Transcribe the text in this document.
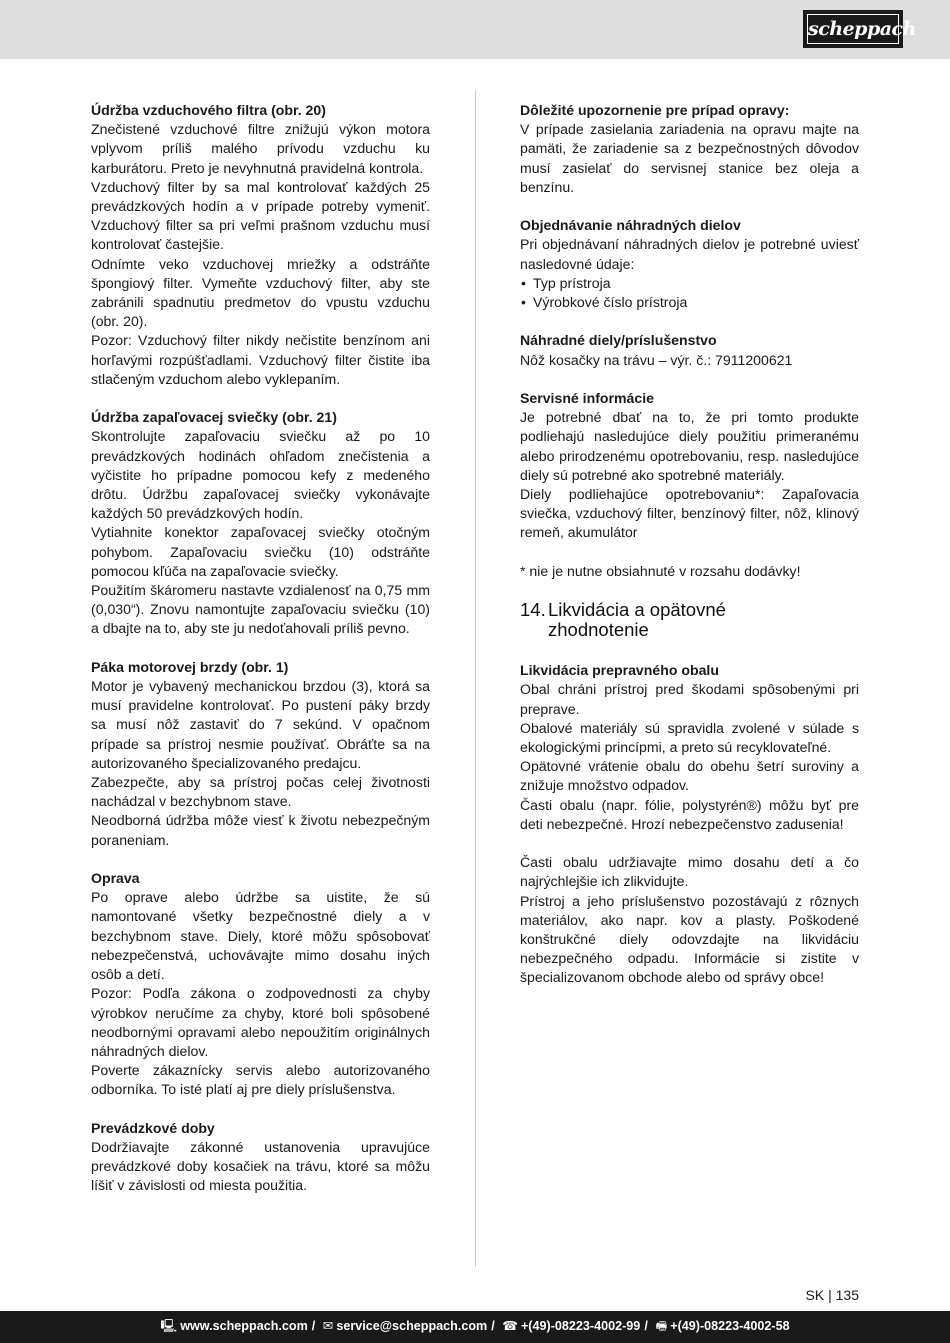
scheppach

Údržba vzduchového filtra (obr. 20)

Znečistené vzduchové filtre znižujú výkon motora vplyvom príliš malého prívodu vzduchu ku karburátoru. Preto je nevyhnutná pravidelná kontrola.

Vzduchový filter by sa mal kontrolovať každých 25 prevádzkových hodín a v prípade potreby vymeniť. Vzduchový filter sa pri veľmi prašnom vzduchu musí kontrolovať častejšie.

Odnímte veko vzduchovej mriežky a odstráňte špongiový filter. Vymeňte vzduchový filter, aby ste zabránili spadnutiu predmetov do vpustu vzduchu (obr. 20).

Pozor: Vzduchový filter nikdy nečistite benzínom ani horľavými rozpúšťadlami. Vzduchový filter čistite iba stlačeným vzduchom alebo vyklepaním.

Údržba zapaľovacej sviečky (obr. 21)

Skontrolujte zapaľovaciu sviečku až po 10 prevádzkových hodinách ohľadom znečistenia a vyčistite ho prípadne pomocou kefy z medeného drôtu. Údržbu zapaľovacej sviečky vykonávajte každých 50 prevádzkových hodín.

Vytiahnite konektor zapaľovacej sviečky otočným pohybom. Zapaľovaciu sviečku (10) odstráňte pomocou kľúča na zapaľovacie sviečky.

Použitím škáromeru nastavte vzdialenosť na 0,75 mm (0,030“). Znovu namontujte zapaľovaciu sviečku (10) a dbajte na to, aby ste ju nedoťahovali príliš pevno.

Páka motorovej brzdy (obr. 1)

Motor je vybavený mechanickou brzdou (3), ktorá sa musí pravidelne kontrolovať. Po pustení páky brzdy sa musí nôž zastaviť do 7 sekúnd. V opačnom prípade sa prístroj nesmie používať. Obráťte sa na autorizovaného špecializovaného predajcu.

Zabezpečte, aby sa prístroj počas celej životnosti nachádzal v bezchybnom stave.

Neodborná údržba môže viesť k životu nebezpečným poraneniam.

Oprava

Po oprave alebo údržbe sa uistite, že sú namontované všetky bezpečnostné diely a v bezchybnom stave. Diely, ktoré môžu spôsobovať nebezpečenstvá, uchovávajte mimo dosahu iných osôb a detí.

Pozor: Podľa zákona o zodpovednosti za chyby výrobkov neručíme za chyby, ktoré boli spôsobené neodbornými opravami alebo nepoužitím originálnych náhradných dielov.

Poverte zákaznícky servis alebo autorizovaného odborníka. To isté platí aj pre diely príslušenstva.

Prevádzkové doby

Dodržiavajte zákonné ustanovenia upravujúce prevádzkové doby kosačiek na trávu, ktoré sa môžu líšiť v závislosti od miesta použitia.

Dôležité upozornenie pre prípad opravy:

V prípade zasielania zariadenia na opravu majte na pamäti, že zariadenie sa z bezpečnostných dôvodov musí zasielať do servisnej stanice bez oleja a benzínu.

Objednávanie náhradných dielov

Pri objednávaní náhradných dielov je potrebné uviesť nasledovné údaje:

• Typ prístroja
• Výrobkové číslo prístroja

Náhradné diely/príslušenstvo

Nôž kosačky na trávu – výr. č.: 7911200621

Servisné informácie

Je potrebné dbať na to, že pri tomto produkte podliehajú nasledujúce diely použitiu primeranému alebo prirodzenému opotrebovaniu, resp. nasledujúce diely sú potrebné ako spotrebné materiály.

Diely podliehajúce opotrebovaniu*: Zapaľovacia sviečka, vzduchový filter, benzínový filter, nôž, klinový remeň, akumulátor

* nie je nutne obsiahnuté v rozsahu dodávky!

14. Likvidácia a opätovné
zhodnotenie

Likvidácia prepravného obalu

Obal chráni prístroj pred škodami spôsobenými pri preprave.

Obalové materiály sú spravidla zvolené v súlade s ekologickými princípmi, a preto sú recyklovateľné.

Opätovné vrátenie obalu do obehu šetrí suroviny a znižuje množstvo odpadov.

Časti obalu (napr. fólie, polystyrén®) môžu byť pre deti nebezpečné. Hrozí nebezpečenstvo zadusenia!

Časti obalu udržiavajte mimo dosahu detí a čo najrýchlejšie ich zlikvidujte.

Prístroj a jeho príslušenstvo pozostávajú z rôznych materiálov, ako napr. kov a plasty. Poškodené konštrukčné diely odovzdajte na likvidáciu nebezpečného odpadu. Informácie si zistite v špecializovanom obchode alebo od správy obce!

SK | 135
🖳 www.scheppach.com / ✉ service@scheppach.com / ☎ +(49)-08223-4002-99 / 🖷 +(49)-08223-4002-58
